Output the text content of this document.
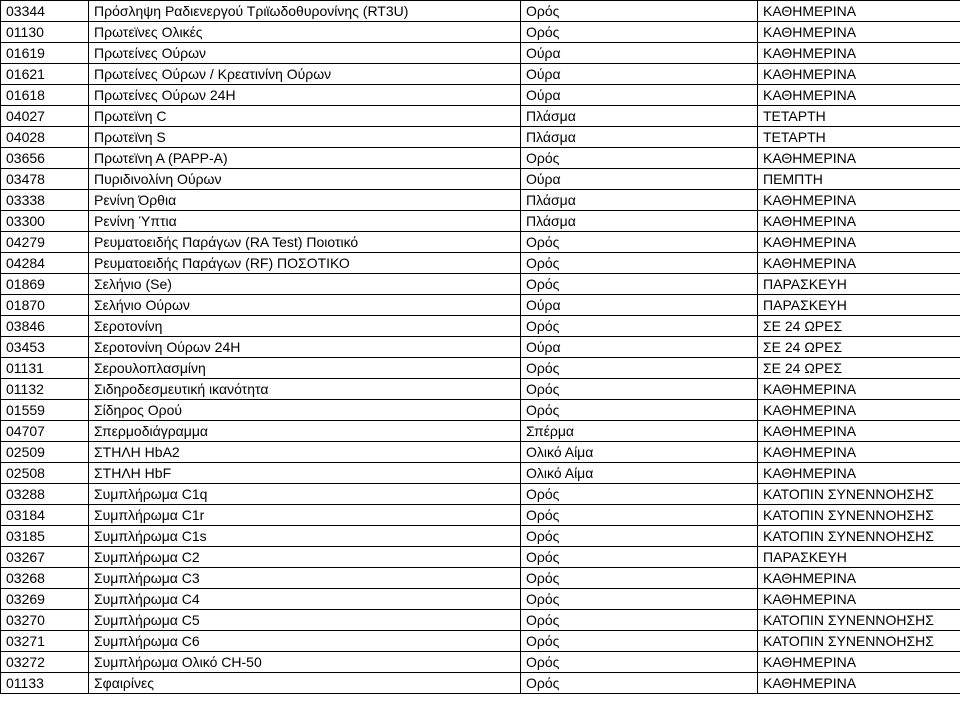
03344	Πρόσληψη Ραδιενεργού Τριϊωδοθυρονίνης (RT3U)	Ορός	ΚΑΘΗΜΕΡΙΝΑ
01130	Πρωτεϊνες Ολικές	Ορός	ΚΑΘΗΜΕΡΙΝΑ
01619	Πρωτείνες Ούρων	Ούρα	ΚΑΘΗΜΕΡΙΝΑ
01621	Πρωτείνες Ούρων / Κρεατινίνη Ούρων	Ούρα	ΚΑΘΗΜΕΡΙΝΑ
01618	Πρωτείνες Ούρων 24Η	Ούρα	ΚΑΘΗΜΕΡΙΝΑ
04027	Πρωτεϊνη C	Πλάσμα	ΤΕΤΑΡΤΗ
04028	Πρωτεϊνη S	Πλάσμα	ΤΕΤΑΡΤΗ
03656	Πρωτεϊνη Α (PAPP-A)	Ορός	ΚΑΘΗΜΕΡΙΝΑ
03478	Πυριδινολίνη Ούρων	Ούρα	ΠΕΜΠΤΗ
03338	Ρενίνη Όρθια	Πλάσμα	ΚΑΘΗΜΕΡΙΝΑ
03300	Ρενίνη Ύπτια	Πλάσμα	ΚΑΘΗΜΕΡΙΝΑ
04279	Ρευματοειδής Παράγων (RA Test) Ποιοτικό	Ορός	ΚΑΘΗΜΕΡΙΝΑ
04284	Ρευματοειδής Παράγων (RF) ΠΟΣΟΤΙΚΟ	Ορός	ΚΑΘΗΜΕΡΙΝΑ
01869	Σελήνιο (Se)	Ορός	ΠΑΡΑΣΚΕΥΗ
01870	Σελήνιο Ούρων	Ούρα	ΠΑΡΑΣΚΕΥΗ
03846	Σεροτονίνη	Ορός	ΣΕ 24 ΩΡΕΣ
03453	Σεροτονίνη Ούρων 24Η	Ούρα	ΣΕ 24 ΩΡΕΣ
01131	Σερουλοπλασμίνη	Ορός	ΣΕ 24 ΩΡΕΣ
01132	Σιδηροδεσμευτική ικανότητα	Ορός	ΚΑΘΗΜΕΡΙΝΑ
01559	Σίδηρος Ορού	Ορός	ΚΑΘΗΜΕΡΙΝΑ
04707	Σπερμοδιάγραμμα	Σπέρμα	ΚΑΘΗΜΕΡΙΝΑ
02509	ΣΤΗΛΗ HbA2	Ολικό Αίμα	ΚΑΘΗΜΕΡΙΝΑ
02508	ΣΤΗΛΗ HbF	Ολικό Αίμα	ΚΑΘΗΜΕΡΙΝΑ
03288	Συμπλήρωμα C1q	Ορός	ΚΑΤΟΠΙΝ ΣΥΝΕΝΝΟΗΣΗΣ
03184	Συμπλήρωμα C1r	Ορός	ΚΑΤΟΠΙΝ ΣΥΝΕΝΝΟΗΣΗΣ
03185	Συμπλήρωμα C1s	Ορός	ΚΑΤΟΠΙΝ ΣΥΝΕΝΝΟΗΣΗΣ
03267	Συμπλήρωμα C2	Ορός	ΠΑΡΑΣΚΕΥΗ
03268	Συμπλήρωμα C3	Ορός	ΚΑΘΗΜΕΡΙΝΑ
03269	Συμπλήρωμα C4	Ορός	ΚΑΘΗΜΕΡΙΝΑ
03270	Συμπλήρωμα C5	Ορός	ΚΑΤΟΠΙΝ ΣΥΝΕΝΝΟΗΣΗΣ
03271	Συμπλήρωμα C6	Ορός	ΚΑΤΟΠΙΝ ΣΥΝΕΝΝΟΗΣΗΣ
03272	Συμπλήρωμα Ολικό CH-50	Ορός	ΚΑΘΗΜΕΡΙΝΑ
01133	Σφαιρίνες	Ορός	ΚΑΘΗΜΕΡΙΝΑ
